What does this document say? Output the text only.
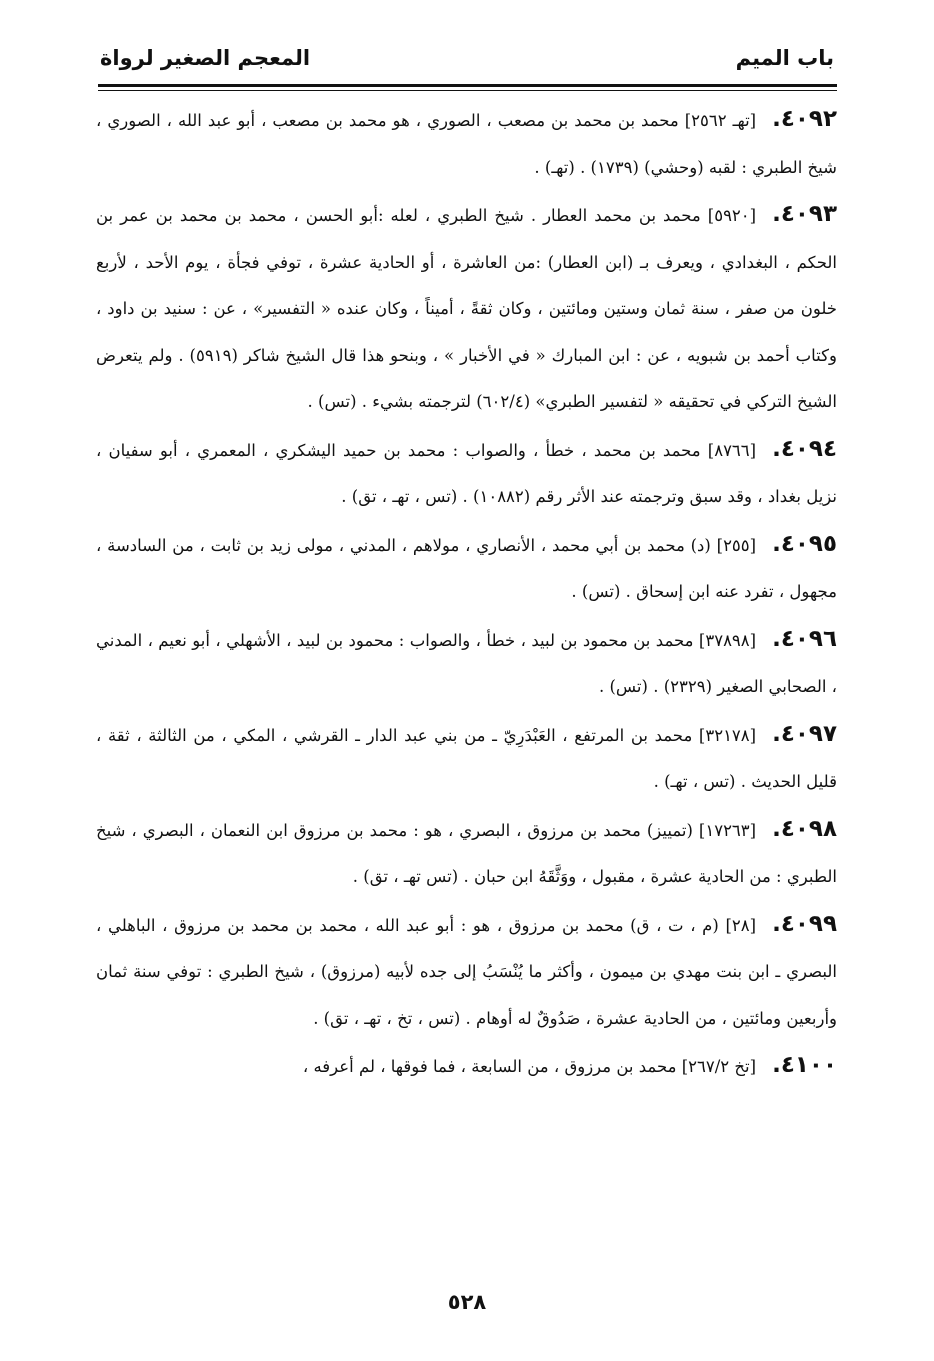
باب الميم
المعجم الصغير لرواة

٤٠٩٢.[تهـ ٢٥٦٢] محمد بن محمد بن مصعب ، الصوري ، هو محمد بن مصعب ، أبو عبد الله ، الصوري ، شيخ الطبري : لقبه (وحشي) (١٧٣٩) . (تهـ) .

٤٠٩٣.[٥٩٢٠] محمد بن محمد العطار . شيخ الطبري ، لعله :أبو الحسن ، محمد بن محمد بن عمر بن الحكم ، البغدادي ، ويعرف بـ (ابن العطار) :من العاشرة ، أو الحادية عشرة ، توفي فجأة ، يوم الأحد ، لأربع خلون من صفر ، سنة ثمان وستين ومائتين ، وكان ثقةً ، أميناً ، وكان عنده « التفسير» ، عن : سنيد بن داود ، وكتاب أحمد بن شبويه ، عن : ابن المبارك « في الأخبار » ، وبنحو هذا قال الشيخ شاكر (٥٩١٩) . ولم يتعرض الشيخ التركي في تحقيقه « لتفسير الطبري» (٦٠٢/٤) لترجمته بشيء . (تس) .

٤٠٩٤.[٨٧٦٦] محمد بن محمد ، خطأ ، والصواب : محمد بن حميد اليشكري ، المعمري ، أبو سفيان ، نزيل بغداد ، وقد سبق وترجمته عند الأثر رقم (١٠٨٨٢) . (تس ، تهـ ، تق) .

٤٠٩٥.[٢٥٥] (د) محمد بن أبي محمد ، الأنصاري ، مولاهم ، المدني ، مولى زيد بن ثابت ، من السادسة ، مجهول ، تفرد عنه ابن إسحاق . (تس) .

٤٠٩٦.[٣٧٨٩٨] محمد بن محمود بن لبيد ، خطأ ، والصواب : محمود بن لبيد ، الأشهلي ، أبو نعيم ، المدني ، الصحابي الصغير (٢٣٢٩) . (تس) .

٤٠٩٧.[٣٢١٧٨] محمد بن المرتفع ، العَبْدَرِيّ ـ من بني عبد الدار ـ القرشي ، المكي ، من الثالثة ، ثقة ، قليل الحديث . (تس ، تهـ) .

٤٠٩٨.[١٧٢٦٣] (تمييز) محمد بن مرزوق ، البصري ، هو : محمد بن مرزوق ابن النعمان ، البصري ، شيخ الطبري : من الحادية عشرة ، مقبول ، ووَثَّقَهُ ابن حبان . (تس تهـ ، تق) .

٤٠٩٩.[٢٨] (م ، ت ، ق) محمد بن مرزوق ، هو : أبو عبد الله ، محمد بن محمد بن مرزوق ، الباهلي ، البصري ـ ابن بنت مهدي بن ميمون ، وأكثر ما يُنْسَبُ إلى جده لأبيه (مرزوق) ، شيخ الطبري : توفي سنة ثمان وأربعين ومائتين ، من الحادية عشرة ، صَدُوقٌ له أوهام . (تس ، تخ ، تهـ ، تق) .

٤١٠٠.[تخ ٢٦٧/٢] محمد بن مرزوق ، من السابعة ، فما فوقها ، لم أعرفه ،

٥٢٨
